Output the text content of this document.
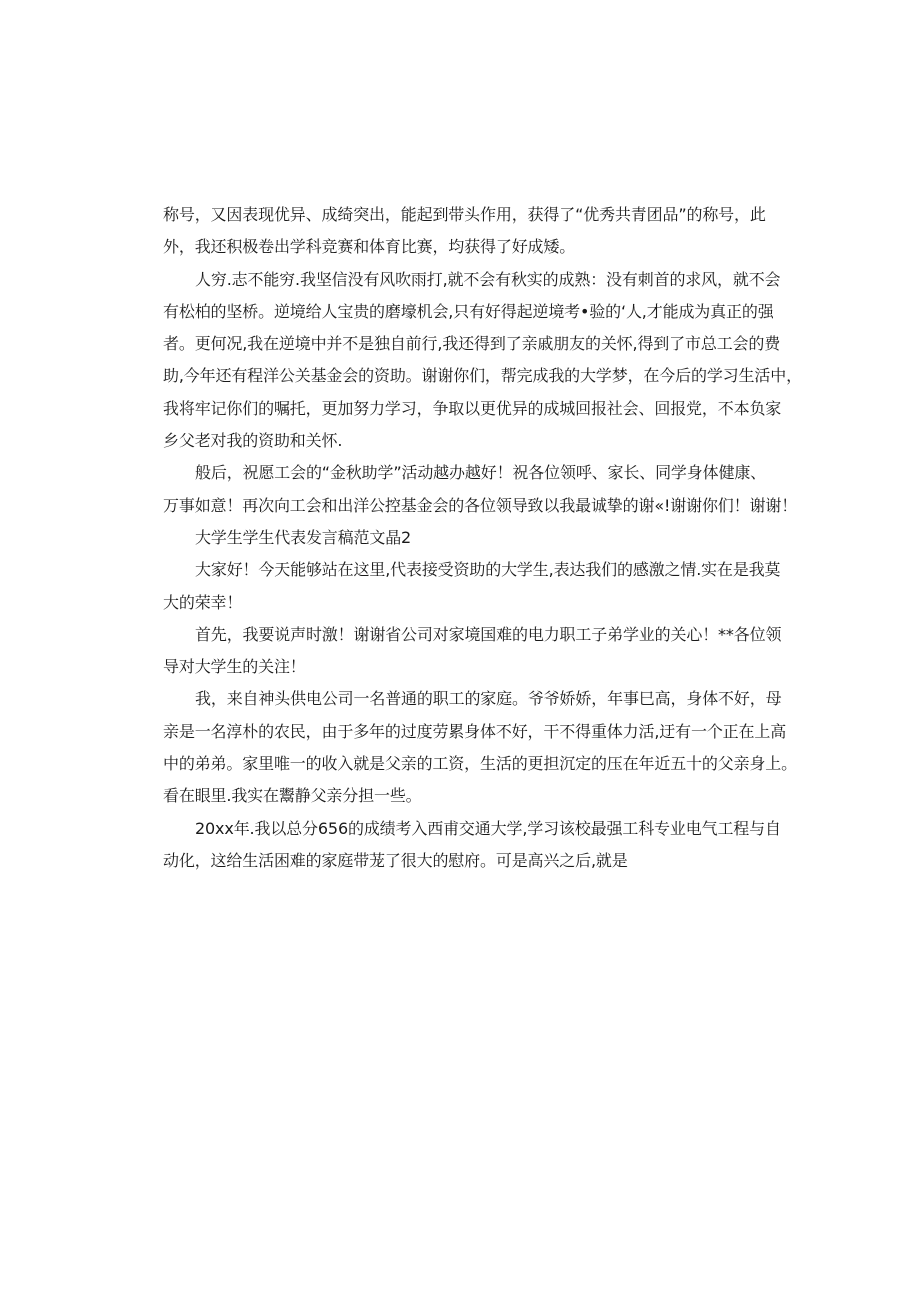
称号，又因表现优异、成绮突出，能起到带头作用，获得了“优秀共青团品”的称号，此
外，我还积极卷出学科竞赛和体育比赛，均获得了好成矮。
人穷.志不能穷.我坚信没有风吹雨打,就不会有秋实的成熟：没有刺首的求风，就不会
有松柏的坚桥。逆境给人宝贵的磨壕机会,只有好得起逆境考•验的‘人,才能成为真正的强
者。更何况,我在逆境中并不是独自前行,我还得到了亲戚朋友的关怀,得到了市总工会的费
助,今年还有程洋公关基金会的资助。谢谢你们，帮完成我的大学梦，在今后的学习生活中，
我将牢记你们的嘱托，更加努力学习，争取以更优异的成城回报社会、回报党，不本负家
乡父老对我的资助和关怀.
般后，祝愿工会的“金秋助学”活动越办越好！祝各位领呼、家长、同学身体健康、
万事如意！再次向工会和出洋公控基金会的各位领导致以我最诚挚的谢«!谢谢你们！谢谢！
大学生学生代表发言稿范文晶2
大家好！今天能够站在这里,代表接受资助的大学生,表达我们的感激之情.实在是我莫
大的荣幸！
首先，我要说声时激！谢谢省公司对家境国难的电力职工子弟学业的关心！**各位领
导对大学生的关注！
我，来自神头供电公司一名普通的职工的家庭。爷爷娇娇，年事巳高，身体不好，母
亲是一名淳朴的农民，由于多年的过度劳累身体不好，干不得重体力活,迂有一个正在上高
中的弟弟。家里唯一的收入就是父亲的工资，生活的更担沉定的压在年近五十的父亲身上。
看在眼里.我实在鬻静父亲分担一些。
20xx年.我以总分656的成绩考入西甫交通大学,学习该校最强工科专业电气工程与自
动化，这给生活困难的家庭带茏了很大的慰府。可是高兴之后,就是
